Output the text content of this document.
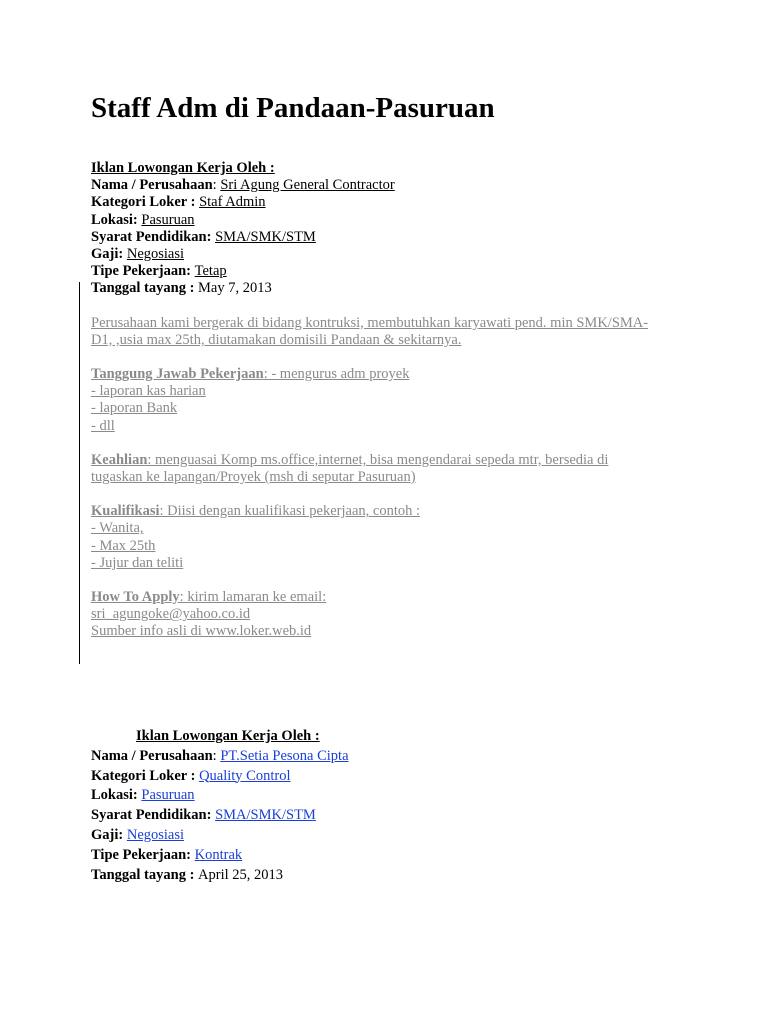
Staff Adm di Pandaan-Pasuruan
Iklan Lowongan Kerja Oleh :
Nama / Perusahaan: Sri Agung General Contractor
Kategori Loker : Staf Admin
Lokasi: Pasuruan
Syarat Pendidikan: SMA/SMK/STM
Gaji: Negosiasi
Tipe Pekerjaan: Tetap
Tanggal tayang : May 7, 2013
Perusahaan kami bergerak di bidang kontruksi, membutuhkan karyawati pend. min SMK/SMA-
D1, ,usia max 25th, diutamakan domisili Pandaan & sekitarnya.
Tanggung Jawab Pekerjaan: - mengurus adm proyek
- laporan kas harian
- laporan Bank
- dll
Keahlian: menguasai Komp ms.office,internet, bisa mengendarai sepeda mtr, bersedia di
tugaskan ke lapangan/Proyek (msh di seputar Pasuruan)
Kualifikasi: Diisi dengan kualifikasi pekerjaan, contoh :
- Wanita,
- Max 25th
- Jujur dan teliti
How To Apply: kirim lamaran ke email:
sri_agungoke@yahoo.co.id
Sumber info asli di www.loker.web.id
Iklan Lowongan Kerja Oleh :
Nama / Perusahaan: PT.Setia Pesona Cipta
Kategori Loker : Quality Control
Lokasi: Pasuruan
Syarat Pendidikan: SMA/SMK/STM
Gaji: Negosiasi
Tipe Pekerjaan: Kontrak
Tanggal tayang : April 25, 2013
